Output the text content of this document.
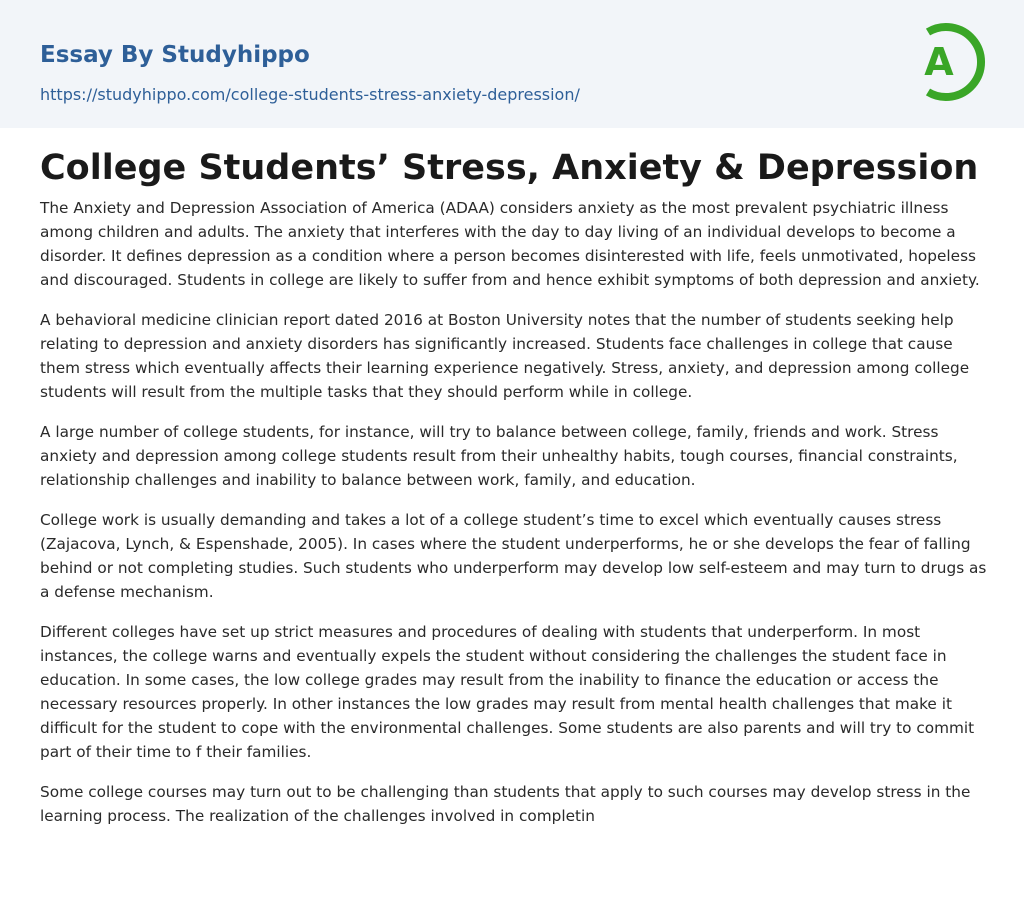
Essay By Studyhippo
https://studyhippo.com/college-students-stress-anxiety-depression/
A
College Students’ Stress, Anxiety & Depression

The Anxiety and Depression Association of America (ADAA) considers anxiety as the most prevalent psychiatric illness among children and adults. The anxiety that interferes with the day to day living of an individual develops to become a disorder. It defines depression as a condition where a person becomes disinterested with life, feels unmotivated, hopeless and discouraged. Students in college are likely to suffer from and hence exhibit symptoms of both depression and anxiety.

A behavioral medicine clinician report dated 2016 at Boston University notes that the number of students seeking help relating to depression and anxiety disorders has significantly increased. Students face challenges in college that cause them stress which eventually affects their learning experience negatively. Stress, anxiety, and depression among college students will result from the multiple tasks that they should perform while in college.

A large number of college students, for instance, will try to balance between college, family, friends and work. Stress anxiety and depression among college students result from their unhealthy habits, tough courses, financial constraints, relationship challenges and inability to balance between work, family, and education.

College work is usually demanding and takes a lot of a college student’s time to excel which eventually causes stress (Zajacova, Lynch, & Espenshade, 2005). In cases where the student underperforms, he or she develops the fear of falling behind or not completing studies. Such students who underperform may develop low self-esteem and may turn to drugs as a defense mechanism.

Different colleges have set up strict measures and procedures of dealing with students that underperform. In most instances, the college warns and eventually expels the student without considering the challenges the student face in education. In some cases, the low college grades may result from the inability to finance the education or access the necessary resources properly. In other instances the low grades may result from mental health challenges that make it difficult for the student to cope with the environmental challenges. Some students are also parents and will try to commit part of their time to f their families.

Some college courses may turn out to be challenging than students that apply to such courses may develop stress in the learning process. The realization of the challenges involved in completin
